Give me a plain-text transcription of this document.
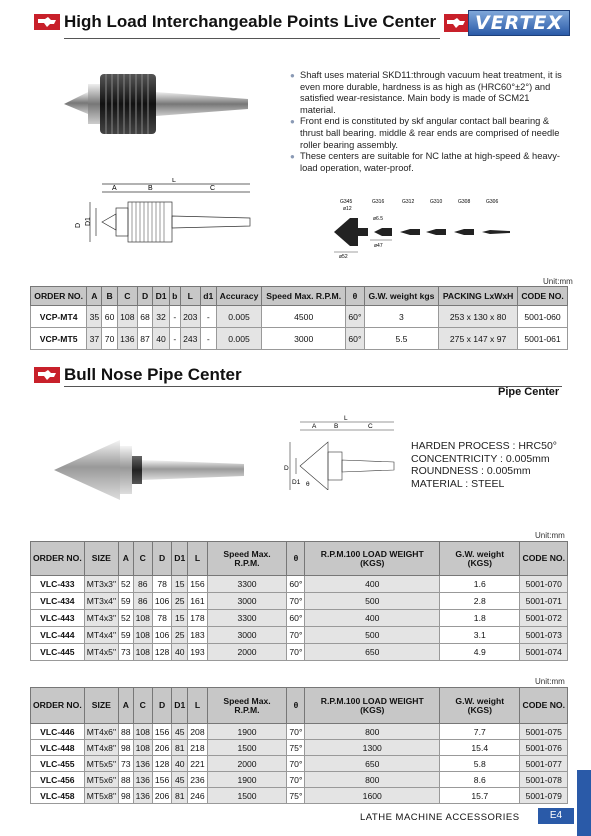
High Load Interchangeable Points Live Center	VERTEX
● Shaft uses material SKD11:through vacuum heat treatment, it is even more durable, hardness is as high as (HRC60°±2°) and satisfied wear-resistance. Main body is made of SCM21 material.
● Front end is constituted by skf angular contact ball bearing & thrust ball bearing. middle & rear ends are comprised of needle roller bearing assembly.
● These centers are suitable for NC lathe at high-speed & heavy-load operation, water-proof.
L
A	B	C
D D1
G345	G316	G312	G310	G308	G306
ø12
ø6.5
ø52
ø47
Unit:mm
ORDER NO.	A	B	C	D	D1	b	L	d1	Accuracy	Speed Max. R.P.M.	θ	G.W. weight kgs	PACKING LxWxH	CODE NO.
VCP-MT4	35	60	108	68	32	-	203	-	0.005	4500	60°	3	253 x 130 x 80	5001-060
VCP-MT5	37	70	136	87	40	-	243	-	0.005	3000	60°	5.5	275 x 147 x 97	5001-061
Bull Nose Pipe Center
Pipe Center
L
A	B	C
D
D1 θ
HARDEN PROCESS : HRC50°
CONCENTRICITY : 0.005mm
ROUNDNESS : 0.005mm
MATERIAL : STEEL
Unit:mm
ORDER NO.	SIZE	A	C	D	D1	L	Speed Max. R.P.M.	θ	R.P.M.100 LOAD WEIGHT (KGS)	G.W. weight (KGS)	CODE NO.
VLC-433	MT3x3"	52	86	78	15	156	3300	60°	400	1.6	5001-070
VLC-434	MT3x4"	59	86	106	25	161	3000	70°	500	2.8	5001-071
VLC-443	MT4x3"	52	108	78	15	178	3300	60°	400	1.8	5001-072
VLC-444	MT4x4"	59	108	106	25	183	3000	70°	500	3.1	5001-073
VLC-445	MT4x5"	73	108	128	40	193	2000	70°	650	4.9	5001-074
Unit:mm
ORDER NO.	SIZE	A	C	D	D1	L	Speed Max. R.P.M.	θ	R.P.M.100 LOAD WEIGHT (KGS)	G.W. weight (KGS)	CODE NO.
VLC-446	MT4x6"	88	108	156	45	208	1900	70°	800	7.7	5001-075
VLC-448	MT4x8"	98	108	206	81	218	1500	75°	1300	15.4	5001-076
VLC-455	MT5x5"	73	136	128	40	221	2000	70°	650	5.8	5001-077
VLC-456	MT5x6"	88	136	156	45	236	1900	70°	800	8.6	5001-078
VLC-458	MT5x8"	98	136	206	81	246	1500	75°	1600	15.7	5001-079
LATHE MACHINE ACCESSORIES	E4
